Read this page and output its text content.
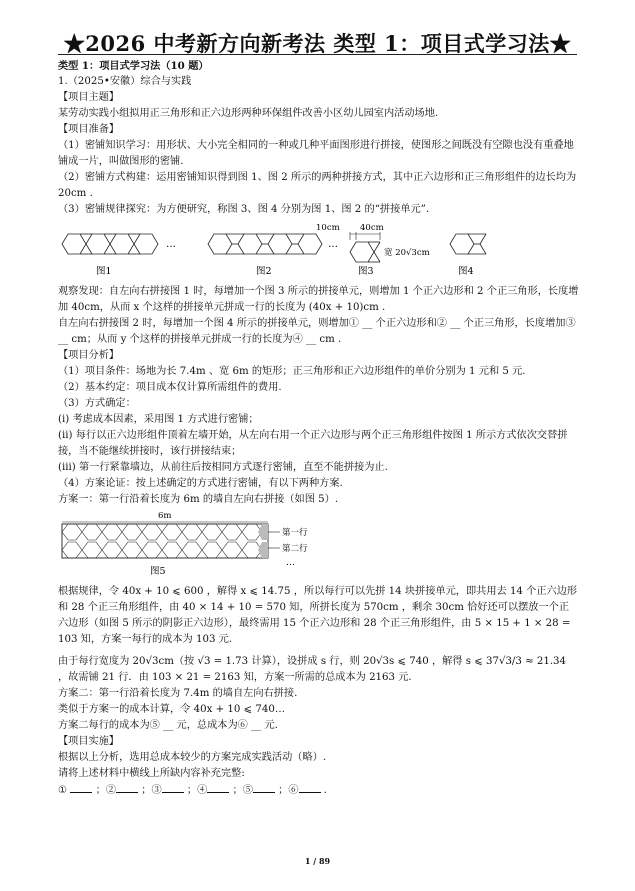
★2026 中考新方向新考法 类型 1：项目式学习法★

类型 1：项目式学习法（10 题）

1.（2025•安徽）综合与实践

【项目主题】

某劳动实践小组拟用正三角形和正六边形两种环保组件改善小区幼儿园室内活动场地.

【项目准备】

（1）密铺知识学习：用形状、大小完全相同的一种或几种平面图形进行拼接，使图形之间既没有空隙也没有重叠地铺成一片，叫做图形的密铺.

（2）密铺方式构建：运用密铺知识得到图 1、图 2 所示的两种拼接方式，其中正六边形和正三角形组件的边长均为 20cm .

（3）密铺规律探究：为方便研究，称图 3、图 4 分别为图 1、图 2 的“拼接单元”.

…
图1
…
图2
10cm 40cm
宽 20√3cm
图3	图4

观察发现：自左向右拼接图 1 时，每增加一个图 3 所示的拼接单元，则增加 1 个正六边形和 2 个正三角形，长度增加 40cm，从而 x 个这样的拼接单元拼成一行的长度为 (40x + 10)cm .

自左向右拼接图 2 时，每增加一个图 4 所示的拼接单元，则增加① __ 个正六边形和② __ 个正三角形，长度增加③ __ cm；从而 y 个这样的拼接单元拼成一行的长度为④ __ cm .

【项目分析】

（1）项目条件：场地为长 7.4m 、宽 6m 的矩形；正三角形和正六边形组件的单价分别为 1 元和 5 元.

（2）基本约定：项目成本仅计算所需组件的费用.

（3）方式确定：

(i) 考虑成本因素，采用图 1 方式进行密铺；

(ii) 每行以正六边形组件顶着左墙开始，从左向右用一个正六边形与两个正三角形组件按图 1 所示方式依次交替拼接，当不能继续拼接时，该行拼接结束；

(iii) 第一行紧靠墙边，从前往后按相同方式逐行密铺，直至不能拼接为止.

（4）方案论证：按上述确定的方式进行密铺，有以下两种方案.

方案一：第一行沿着长度为 6m 的墙自左向右拼接（如图 5）.

6m
第一行
第二行
…
图5

根据规律，令 40x + 10 ⩽ 600 ，解得 x ⩽ 14.75 ，所以每行可以先拼 14 块拼接单元，即共用去 14 个正六边形和 28 个正三角形组件，由 40 × 14 + 10 = 570 知，所拼长度为 570cm ，剩余 30cm 恰好还可以摆放一个正六边形（如图 5 所示的阴影正六边形），最终需用 15 个正六边形和 28 个正三角形组件，由 5 × 15 + 1 × 28 = 103 知，方案一每行的成本为 103 元.

由于每行宽度为 20√3cm（按 √3 = 1.73 计算），设拼成 s 行，则 20√3s ⩽ 740 ，解得 s ⩽ 37√3/3 ≈ 21.34 ，故需铺 21 行．由 103 × 21 = 2163 知，方案一所需的总成本为 2163 元.

方案二：第一行沿着长度为 7.4m 的墙自左向右拼接.

类似于方案一的成本计算，令 40x + 10 ⩽ 740…

方案二每行的成本为⑤ __ 元，总成本为⑥ __ 元.

【项目实施】

根据以上分析，选用总成本较少的方案完成实践活动（略）.

请将上述材料中横线上所缺内容补充完整:

①	；② ；③ ；④ ；⑤ ；⑥ .

1 / 89
